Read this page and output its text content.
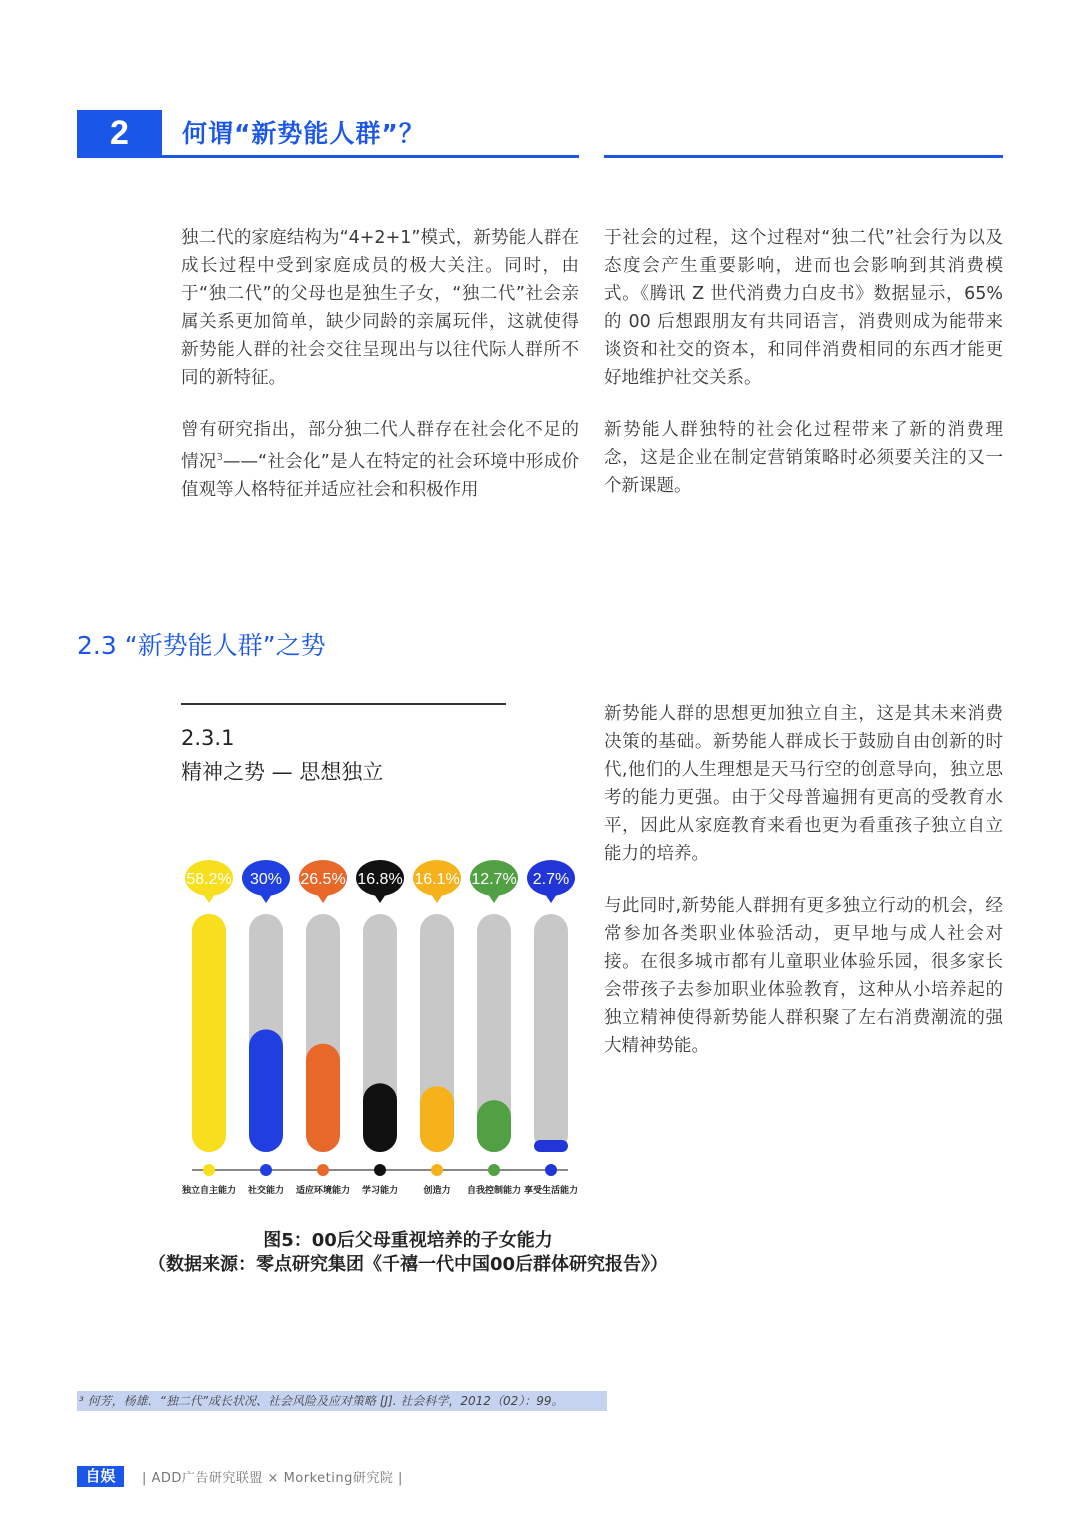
2	何谓“新势能人群”？

独二代的家庭结构为“4+2+1”模式，新势能人群在成长过程中受到家庭成员的极大关注。同时，由于“独二代”的父母也是独生子女，“独二代”社会亲属关系更加简单，缺少同龄的亲属玩伴，这就使得新势能人群的社会交往呈现出与以往代际人群所不同的新特征。

曾有研究指出，部分独二代人群存在社会化不足的情况$^3$——“社会化”是人在特定的社会环境中形成价值观等人格特征并适应社会和积极作用

于社会的过程，这个过程对“独二代”社会行为以及态度会产生重要影响，进而也会影响到其消费模式。《腾讯 Z 世代消费力白皮书》数据显示，65% 的 00 后想跟朋友有共同语言，消费则成为能带来谈资和社交的资本，和同伴消费相同的东西才能更好地维护社交关系。

新势能人群独特的社会化过程带来了新的消费理念，这是企业在制定营销策略时必须要关注的又一个新课题。

2.3 “新势能人群”之势
2.3.1
精神之势 — 思想独立

新势能人群的思想更加独立自主，这是其未来消费决策的基础。新势能人群成长于鼓励自由创新的时代,他们的人生理想是天马行空的创意导向，独立思考的能力更强。由于父母普遍拥有更高的受教育水平，因此从家庭教育来看也更为看重孩子独立自立能力的培养。

与此同时,新势能人群拥有更多独立行动的机会，经常参加各类职业体验活动，更早地与成人社会对接。在很多城市都有儿童职业体验乐园，很多家长会带孩子去参加职业体验教育，这种从小培养起的独立精神使得新势能人群积聚了左右消费潮流的强大精神势能。

58.2%
独立自主能力
30%
社交能力
26.5%
适应环境能力
16.8%
学习能力
16.1%
创造力
12.7%
自我控制能力
2.7%
享受生活能力
图5：00后父母重视培养的子女能力
（数据来源：零点研究集团《千禧一代中国00后群体研究报告》）
³ 何芳，杨雄．“独二代”成长状况、社会风险及应对策略 [J]. 社会科学，2012（02）：99。
自娱	| ADD广告研究联盟 × Morketing研究院 |
